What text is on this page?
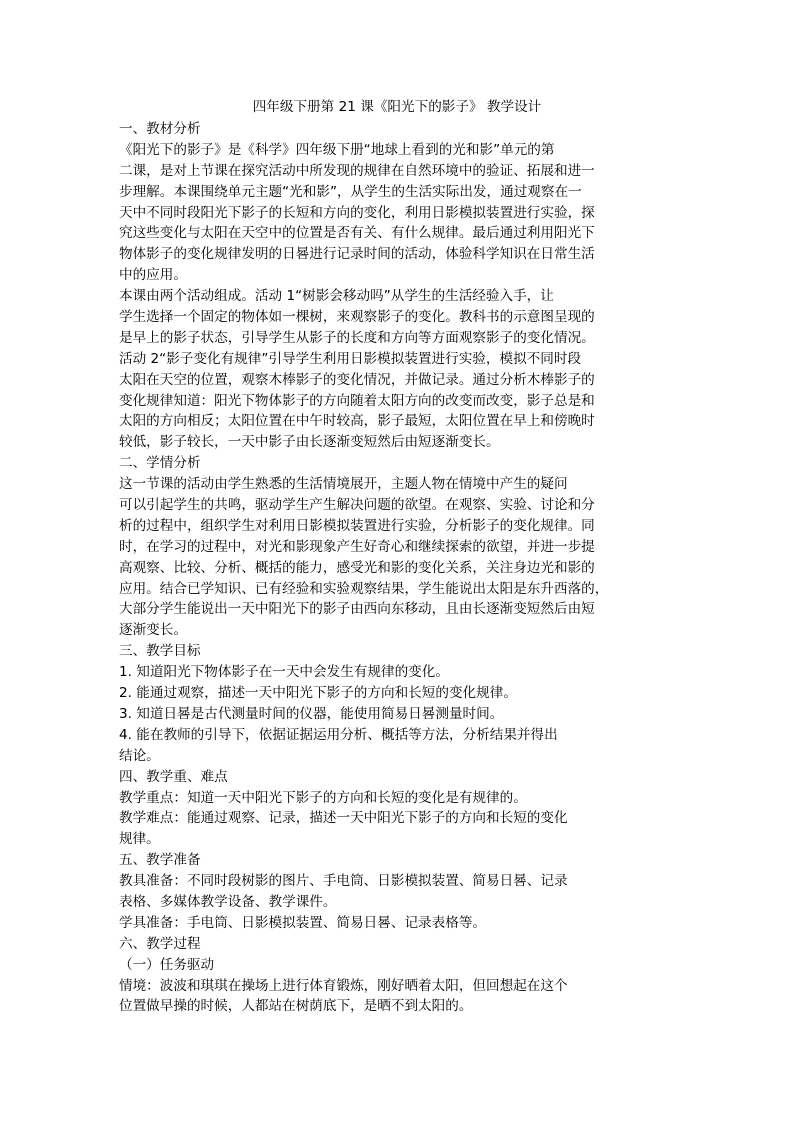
四年级下册第 21 课《阳光下的影子》 教学设计
一、教材分析
《阳光下的影子》是《科学》四年级下册“地球上看到的光和影”单元的第
二课，是对上节课在探究活动中所发现的规律在自然环境中的验证、拓展和进一
步理解。本课围绕单元主题“光和影”，从学生的生活实际出发，通过观察在一
天中不同时段阳光下影子的长短和方向的变化，利用日影模拟装置进行实验，探
究这些变化与太阳在天空中的位置是否有关、有什么规律。最后通过利用阳光下
物体影子的变化规律发明的日晷进行记录时间的活动，体验科学知识在日常生活
中的应用。
本课由两个活动组成。活动 1“树影会移动吗”从学生的生活经验入手，让
学生选择一个固定的物体如一棵树，来观察影子的变化。教科书的示意图呈现的
是早上的影子状态，引导学生从影子的长度和方向等方面观察影子的变化情况。
活动 2“影子变化有规律”引导学生利用日影模拟装置进行实验，模拟不同时段
太阳在天空的位置，观察木棒影子的变化情况，并做记录。通过分析木棒影子的
变化规律知道：阳光下物体影子的方向随着太阳方向的改变而改变，影子总是和
太阳的方向相反；太阳位置在中午时较高，影子最短，太阳位置在早上和傍晚时
较低，影子较长，一天中影子由长逐渐变短然后由短逐渐变长。
二、学情分析
这一节课的活动由学生熟悉的生活情境展开，主题人物在情境中产生的疑问
可以引起学生的共鸣，驱动学生产生解决问题的欲望。在观察、实验、讨论和分
析的过程中，组织学生对利用日影模拟装置进行实验，分析影子的变化规律。同
时，在学习的过程中，对光和影现象产生好奇心和继续探索的欲望，并进一步提
高观察、比较、分析、概括的能力，感受光和影的变化关系，关注身边光和影的
应用。结合已学知识、已有经验和实验观察结果，学生能说出太阳是东升西落的，
大部分学生能说出一天中阳光下的影子由西向东移动，且由长逐渐变短然后由短
逐渐变长。
三、教学目标
1. 知道阳光下物体影子在一天中会发生有规律的变化。
2. 能通过观察，描述一天中阳光下影子的方向和长短的变化规律。
3. 知道日晷是古代测量时间的仪器，能使用简易日晷测量时间。
4. 能在教师的引导下，依据证据运用分析、概括等方法，分析结果并得出
结论。
四、教学重、难点
教学重点：知道一天中阳光下影子的方向和长短的变化是有规律的。
教学难点：能通过观察、记录，描述一天中阳光下影子的方向和长短的变化
规律。
五、教学准备
教具准备：不同时段树影的图片、手电筒、日影模拟装置、简易日晷、记录
表格、多媒体教学设备、教学课件。
学具准备：手电筒、日影模拟装置、简易日晷、记录表格等。
六、教学过程
（一）任务驱动
情境：波波和琪琪在操场上进行体育锻炼，刚好晒着太阳，但回想起在这个
位置做早操的时候，人都站在树荫底下，是晒不到太阳的。
